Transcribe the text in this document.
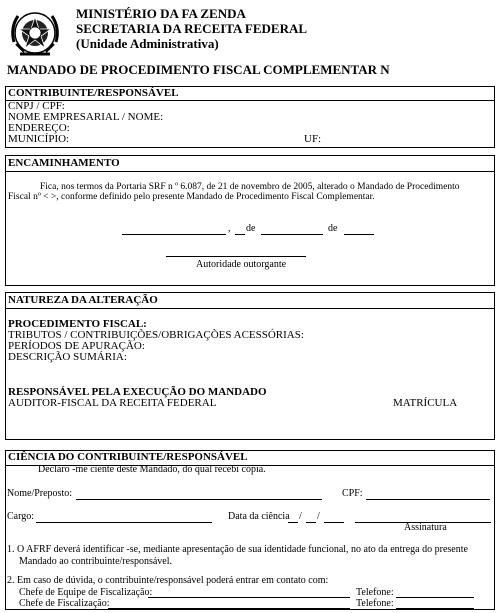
MINISTÉRIO DA FA ZENDA
SECRETARIA DA RECEITA FEDERAL
(Unidade Administrativa)
MANDADO DE PROCEDIMENTO FISCAL COMPLEMENTAR N
CONTRIBUINTE/RESPONSÁVEL
CNPJ / CPF:
NOME EMPRESARIAL / NOME:
ENDEREÇO:
MUNICÍPIO:	UF:
ENCAMINHAMENTO
Fica, nos termos da Portaria SRF n º 6.087, de 21 de novembro de 2005, alterado o Mandado de Procedimento
Fiscal nº < >, conforme definido pelo presente Mandado de Procedimento Fiscal Complementar.
, de	de
Autoridade outorgante
NATUREZA DA ALTERAÇÃO
PROCEDIMENTO FISCAL:
TRIBUTOS / CONTRIBUIÇÕES/OBRIGAÇÕES ACESSÓRIAS:
PERÍODOS DE APURAÇÃO:
DESCRIÇÃO SUMÁRIA:
RESPONSÁVEL PELA EXECUÇÃO DO MANDADO
AUDITOR-FISCAL DA RECEITA FEDERAL	MATRÍCULA
CIÊNCIA DO CONTRIBUINTE/RESPONSÁVEL
Declaro -me ciente deste Mandado, do qual recebi cópia.
Nome/Preposto:	CPF:
Cargo:	Data da ciência / /
Assinatura
1. O AFRF deverá identificar -se, mediante apresentação de sua identidade funcional, no ato da entrega do presente
Mandado ao contribuinte/responsável.
2. Em caso de dúvida, o contribuinte/responsável poderá entrar em contato com:
Chefe de Equipe de Fiscalização:	Telefone:
Chefe de Fiscalização:	Telefone:
